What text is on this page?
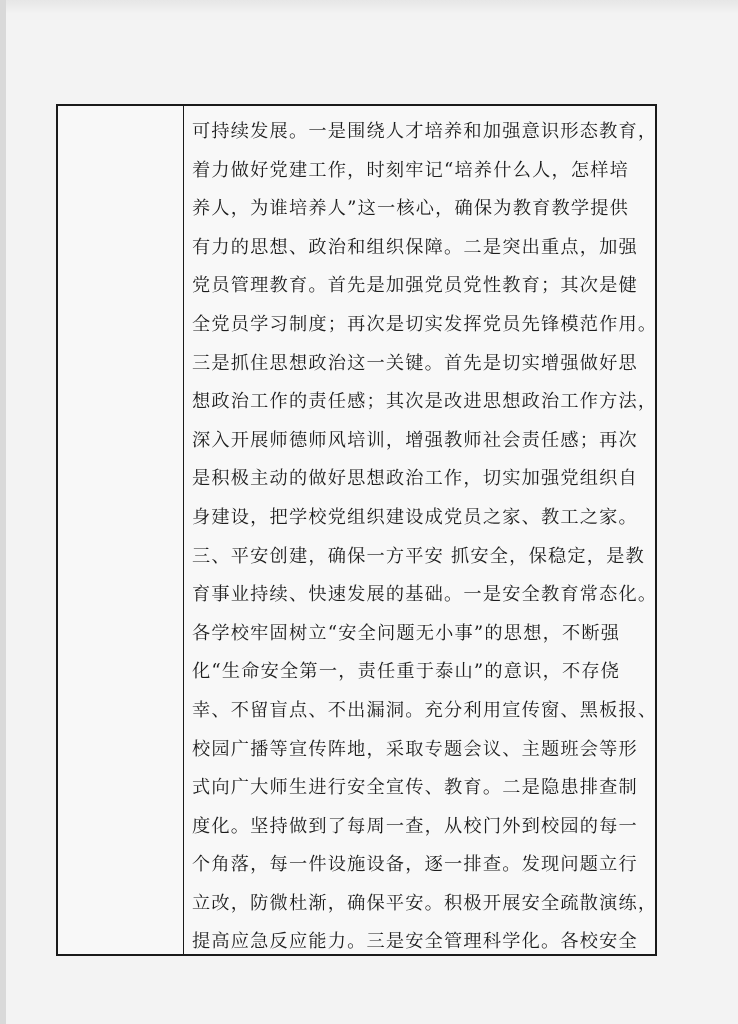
可持续发展。一是围绕人才培养和加强意识形态教育，
着力做好党建工作，时刻牢记“培养什么人，怎样培
养人，为谁培养人”这一核心，确保为教育教学提供
有力的思想、政治和组织保障。二是突出重点，加强
党员管理教育。首先是加强党员党性教育；其次是健
全党员学习制度；再次是切实发挥党员先锋模范作用。
三是抓住思想政治这一关键。首先是切实增强做好思
想政治工作的责任感；其次是改进思想政治工作方法，
深入开展师德师风培训，增强教师社会责任感；再次
是积极主动的做好思想政治工作，切实加强党组织自
身建设，把学校党组织建设成党员之家、教工之家。
三、平安创建，确保一方平安 抓安全，保稳定，是教
育事业持续、快速发展的基础。一是安全教育常态化。
各学校牢固树立“安全问题无小事”的思想，不断强
化“生命安全第一，责任重于泰山”的意识，不存侥
幸、不留盲点、不出漏洞。充分利用宣传窗、黑板报、
校园广播等宣传阵地，采取专题会议、主题班会等形
式向广大师生进行安全宣传、教育。二是隐患排查制
度化。坚持做到了每周一查，从校门外到校园的每一
个角落，每一件设施设备，逐一排查。发现问题立行
立改，防微杜渐，确保平安。积极开展安全疏散演练，
提高应急反应能力。三是安全管理科学化。各校安全
